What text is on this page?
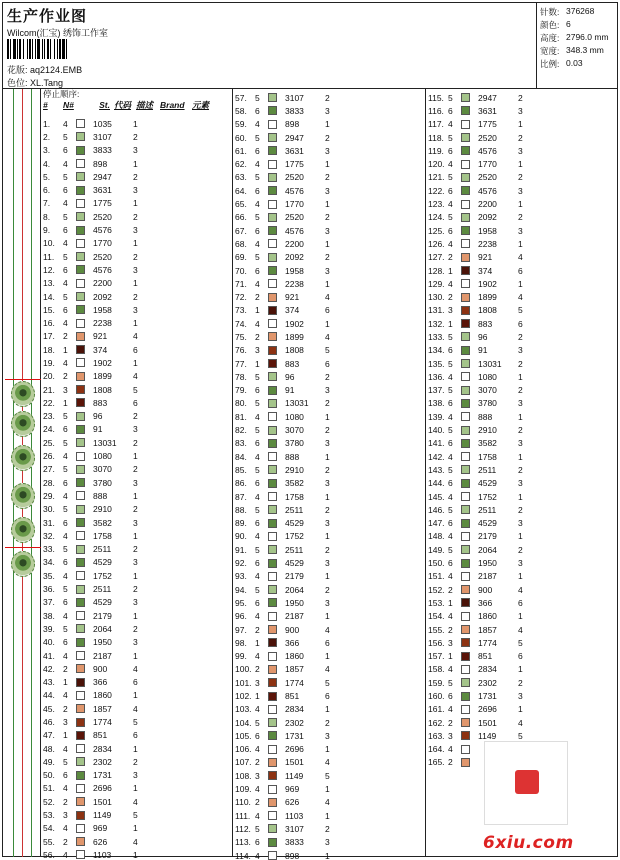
生产作业图
Wilcom(汇宝) 绣饰工作室
花版: aq2124.EMB
色位: XL.Tang
针数: 376268
颜色: 6
高度: 2796.0 mm
宽度: 348.3 mm
比例: 0.03
停止顺序:
#	N#	St. 代码 描述 Brand 元素
1.	4	1035	1
2.	5	3107	2
3.	6	3833	3
4.	4	898	1
5.	5	2947	2
6.	6	3631	3
7.	4	1775	1
8.	5	2520	2
9.	6	4576	3
10. 4	1770	1
11.	5	2520	2
12. 6	4576	3
13. 4	2200	1
14. 5	2092	2
15. 6	1958	3
16. 4	2238	1
17. 2	921	4
18. 1	374	6
19. 4	1902	1
20. 2	1899	4
21. 3	1808	5
22. 1	883	6
23. 5	96	2
24. 6	91	3
25. 5	13031	2
26. 4	1080	1
27. 5	3070	2
28. 6	3780	3
29. 4	888	1
30. 5	2910	2
31. 6	3582	3
32. 4	1758	1
33. 5	2511	2
34. 6	4529	3
35. 4	1752	1
36. 5	2511	2
37. 6	4529	3
38. 4	2179	1
39. 5	2064	2
40. 6	1950	3
41. 4	2187	1
42. 2	900	4
43. 1	366	6
44. 4	1860	1
45. 2	1857	4
46. 3	1774	5
47. 1	851	6
48. 4	2834	1
49. 5	2302	2
50. 6	1731	3
51. 4	2696	1
52. 2	1501	4
53. 3	1149	5
54. 4	969	1
55. 2	626	4
56. 4	1103	1
57. 5	3107	2
58. 6	3833	3
59. 4	898	1
60. 5	2947	2
61. 6	3631	3
62. 4	1775	1
63. 5	2520	2
64. 6	4576	3
65. 4	1770	1
66. 5	2520	2
67. 6	4576	3
68. 4	2200	1
69. 5	2092	2
70. 6	1958	3
71. 4	2238	1
72. 2	921	4
73. 1	374	6
74. 4	1902	1
75. 2	1899	4
76. 3	1808	5
77. 1	883	6
78. 5	96	2
79. 6	91	3
80. 5	13031	2
81. 4	1080	1
82. 5	3070	2
83. 6	3780	3
84. 4	888	1
85. 5	2910	2
86. 6	3582	3
87. 4	1758	1
88. 5	2511	2
89. 6	4529	3
90. 4	1752	1
91. 5	2511	2
92. 6	4529	3
93. 4	2179	1
94. 5	2064	2
95. 6	1950	3
96. 4	2187	1
97. 2	900	4
98. 1	366	6
99. 4	1860	1
100. 2	1857	4
101. 3	1774	5
102. 1	851	6
103. 4	2834	1
104. 5	2302	2
105. 6	1731	3
106. 4	2696	1
107. 2	1501	4
108. 3	1149	5
109. 4	969	1
110. 2	626	4
111. 4	1103	1
112. 5	3107	2
113. 6	3833	3
114. 4	898	1
115. 5	2947	2
116. 6	3631	3
117. 4	1775	1
118. 5	2520	2
119. 6	4576	3
120. 4	1770	1
121. 5	2520	2
122. 6	4576	3
123. 4	2200	1
124. 5	2092	2
125. 6	1958	3
126. 4	2238	1
127. 2	921	4
128. 1	374	6
129. 4	1902	1
130. 2	1899	4
131. 3	1808	5
132. 1	883	6
133. 5	96	2
134. 6	91	3
135. 5	13031	2
136. 4	1080	1
137. 5	3070	2
138. 6	3780	3
139. 4	888	1
140. 5	2910	2
141. 6	3582	3
142. 4	1758	1
143. 5	2511	2
144. 6	4529	3
145. 4	1752	1
146. 5	2511	2
147. 6	4529	3
148. 4	2179	1
149. 5	2064	2
150. 6	1950	3
151. 4	2187	1
152. 2	900	4
153. 1	366	6
154. 4	1860	1
155. 2	1857	4
156. 3	1774	5
157. 1	851	6
158. 4	2834	1
159. 5	2302	2
160. 6	1731	3
161. 4	2696	1
162. 2	1501	4
163. 3	1149	5
164. 4
165. 2
6xiu.com
